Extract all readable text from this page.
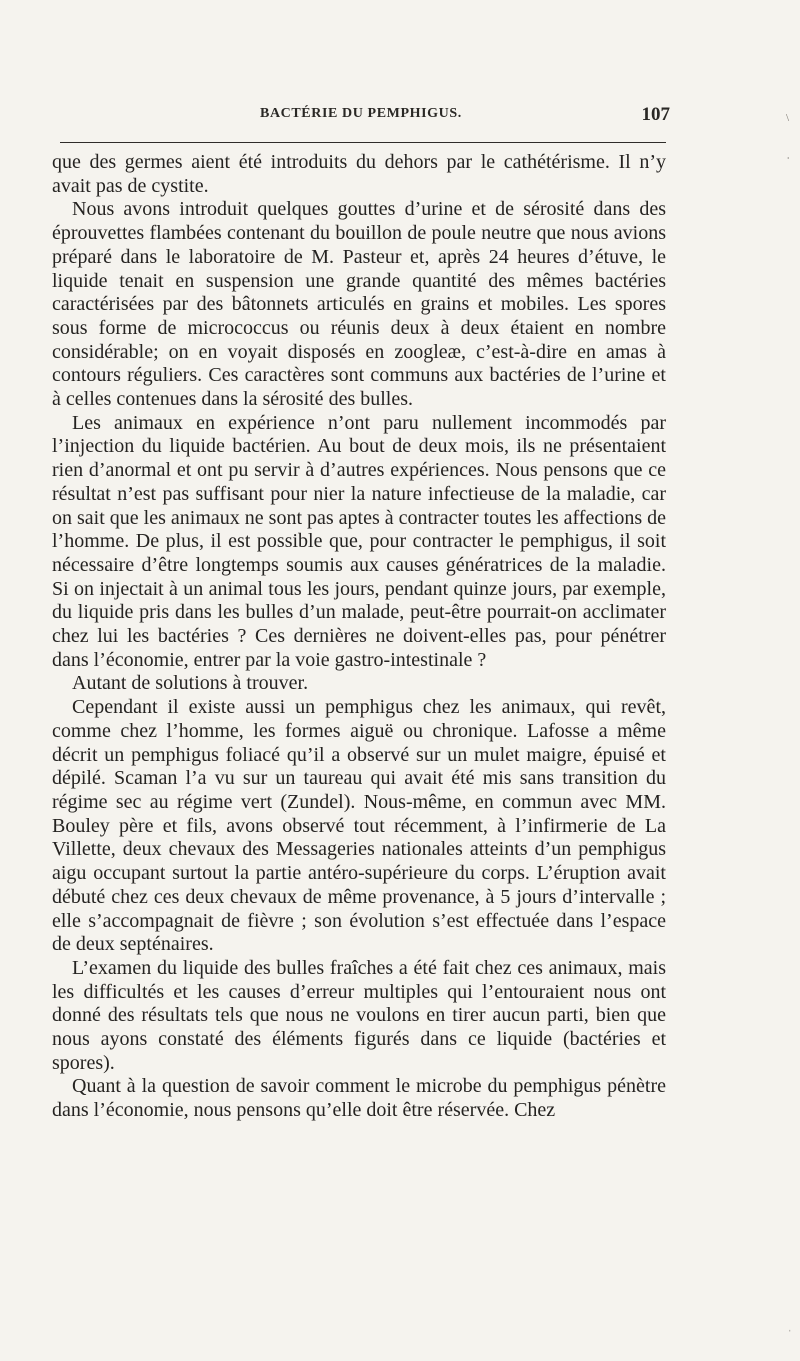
BACTÉRIE DU PEMPHIGUS.	107

que des germes aient été introduits du dehors par le cathétérisme. Il n’y avait pas de cystite.

Nous avons introduit quelques gouttes d’urine et de sérosité dans des éprouvettes flambées contenant du bouillon de poule neutre que nous avions préparé dans le laboratoire de M. Pasteur et, après 24 heures d’étuve, le liquide tenait en suspension une grande quantité des mêmes bactéries caractérisées par des bâtonnets articulés en grains et mobiles. Les spores sous forme de micrococcus ou réunis deux à deux étaient en nombre considérable; on en voyait disposés en zoogleæ, c’est-à-dire en amas à contours réguliers. Ces caractères sont communs aux bactéries de l’urine et à celles contenues dans la sérosité des bulles.

Les animaux en expérience n’ont paru nullement incommodés par l’injection du liquide bactérien. Au bout de deux mois, ils ne présentaient rien d’anormal et ont pu servir à d’autres expériences. Nous pensons que ce résultat n’est pas suffisant pour nier la nature infectieuse de la maladie, car on sait que les animaux ne sont pas aptes à contracter toutes les affections de l’homme. De plus, il est possible que, pour contracter le pemphigus, il soit nécessaire d’être longtemps soumis aux causes génératrices de la maladie. Si on injectait à un animal tous les jours, pendant quinze jours, par exemple, du liquide pris dans les bulles d’un malade, peut-être pourrait-on acclimater chez lui les bactéries ? Ces dernières ne doivent-elles pas, pour pénétrer dans l’économie, entrer par la voie gastro-intestinale ?

Autant de solutions à trouver.

Cependant il existe aussi un pemphigus chez les animaux, qui revêt, comme chez l’homme, les formes aiguë ou chronique. Lafosse a même décrit un pemphigus foliacé qu’il a observé sur un mulet maigre, épuisé et dépilé. Scaman l’a vu sur un taureau qui avait été mis sans transition du régime sec au régime vert (Zundel). Nous-même, en commun avec MM. Bouley père et fils, avons observé tout récemment, à l’infirmerie de La Villette, deux chevaux des Messageries nationales atteints d’un pemphigus aigu occupant surtout la partie antéro-supérieure du corps. L’éruption avait débuté chez ces deux chevaux de même provenance, à 5 jours d’intervalle ; elle s’accompagnait de fièvre ; son évolution s’est effectuée dans l’espace de deux septénaires.

L’examen du liquide des bulles fraîches a été fait chez ces animaux, mais les difficultés et les causes d’erreur multiples qui l’entouraient nous ont donné des résultats tels que nous ne voulons en tirer aucun parti, bien que nous ayons constaté des éléments figurés dans ce liquide (bactéries et spores).

Quant à la question de savoir comment le microbe du pemphigus pénètre dans l’économie, nous pensons qu’elle doit être réservée. Chez

\
ˈ
ˈ
